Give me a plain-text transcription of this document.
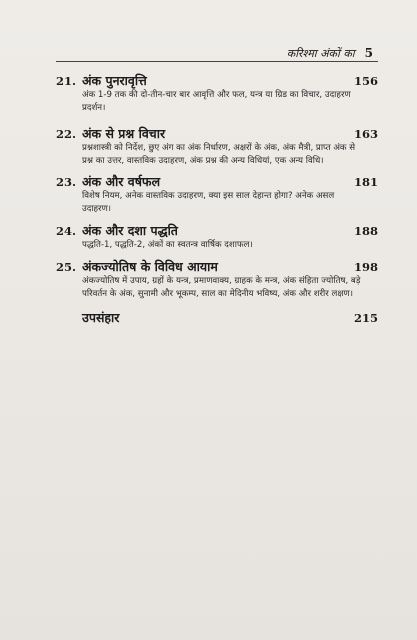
करिश्मा अंकों का 5
21. अंक पुनरावृत्ति	156
अंक 1-9 तक की दो-तीन-चार बार आवृत्ति और फल, यन्त्र या ग्रिड का विचार, उदाहरण प्रदर्शन।
22. अंक से प्रश्न विचार	163
प्रश्नशास्त्री को निर्देश, छुए अंग का अंक निर्धारण, अक्षरों के अंक, अंक मैत्री, प्राप्त अंक से प्रश्न का उत्तर, वास्तविक उदाहरण, अंक प्रश्न की अन्य विधियां, एक अन्य विधि।
23. अंक और वर्षफल	181
विशेष नियम, अनेक वास्तविक उदाहरण, क्या इस साल देहान्त होगा? अनेक असल उदाहरण।
24. अंक और दशा पद्धति	188
पद्धति-1, पद्धति-2, अंकों का स्वतन्त्र वार्षिक दशाफल।
25. अंकज्योतिष के विविध आयाम	198
अंकज्योतिष में उपाय, ग्रहों के यन्त्र, प्रमाणवाक्य, ग्राहक के मन्त्र, अंक संहिता ज्योतिष, बड़े परिवर्तन के अंक, सुनामी और भूकम्प, साल का मेदिनीय भविष्य, अंक और शरीर लक्षण।
उपसंहार	215
